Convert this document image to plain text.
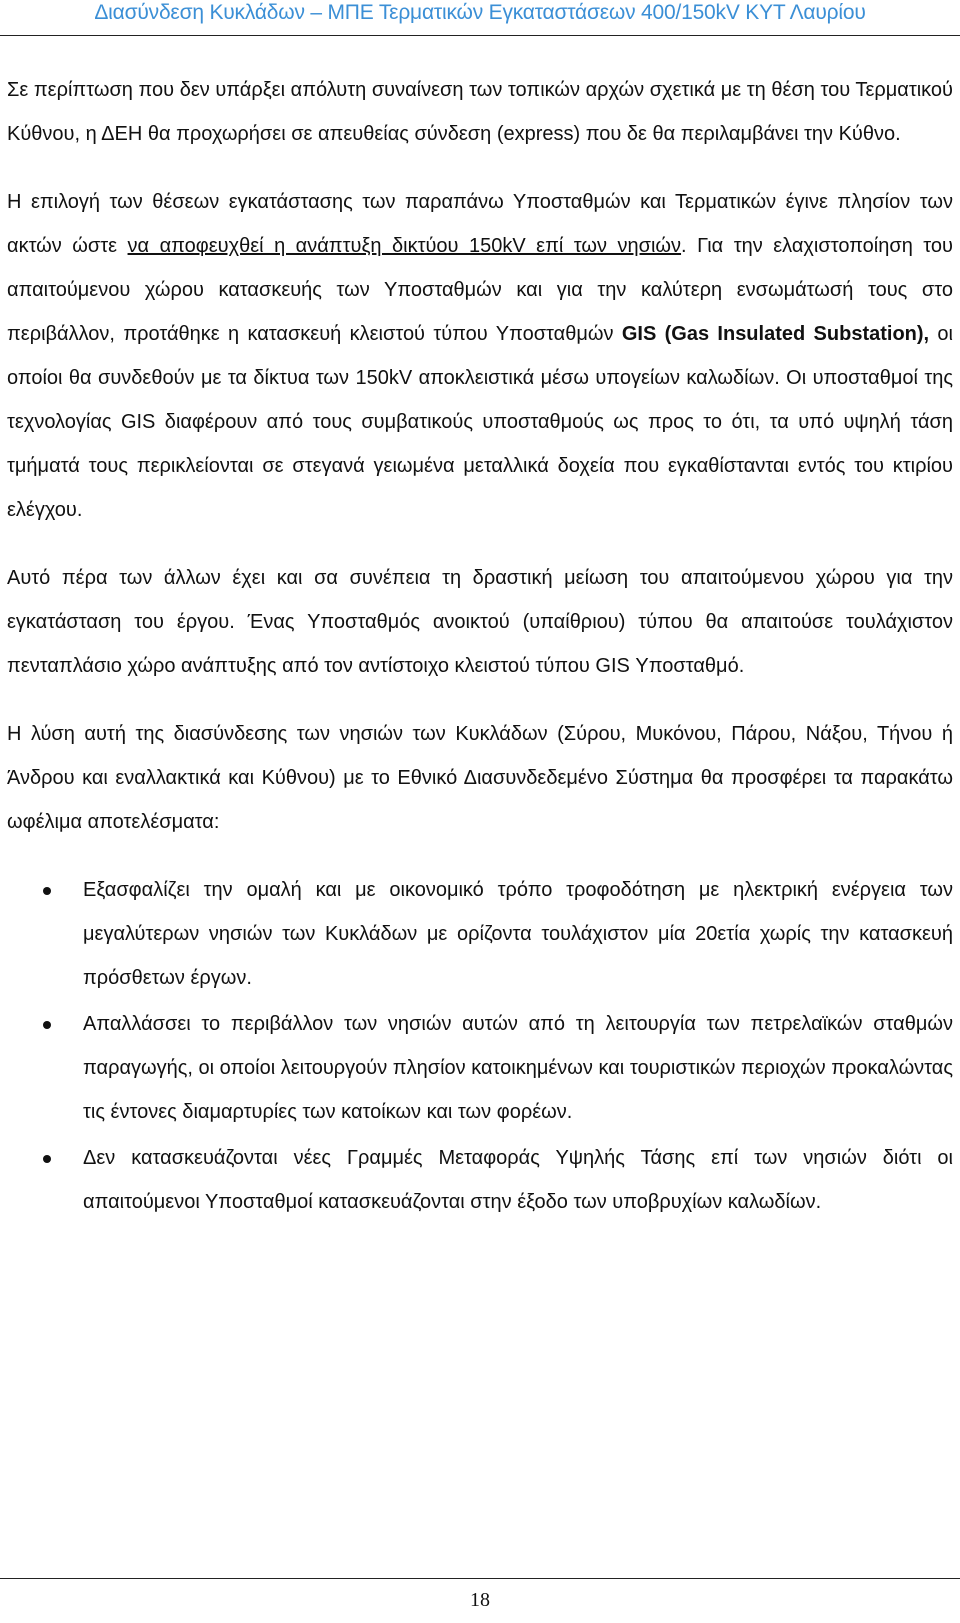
Διασύνδεση Κυκλάδων – ΜΠΕ Τερματικών Εγκαταστάσεων 400/150kV ΚΥΤ Λαυρίου

Σε περίπτωση που δεν υπάρξει απόλυτη συναίνεση των τοπικών αρχών σχετικά με τη θέση του Τερματικού Κύθνου, η ΔΕΗ θα προχωρήσει σε απευθείας σύνδεση (express) που δε θα περιλαμβάνει την Κύθνο.

Η επιλογή των θέσεων εγκατάστασης των παραπάνω Υποσταθμών και Τερματικών έγινε πλησίον των ακτών ώστε να αποφευχθεί η ανάπτυξη δικτύου 150kV επί των νησιών. Για την ελαχιστοποίηση του απαιτούμενου χώρου κατασκευής των Υποσταθμών και για την καλύτερη ενσωμάτωσή τους στο περιβάλλον, προτάθηκε η κατασκευή κλειστού τύπου Υποσταθμών GIS (Gas Insulated Substation), οι οποίοι θα συνδεθούν με τα δίκτυα των 150kV αποκλειστικά μέσω υπογείων καλωδίων. Οι υποσταθμοί της τεχνολογίας GIS διαφέρουν από τους συμβατικούς υποσταθμούς ως προς το ότι, τα υπό υψηλή τάση τμήματά τους περικλείονται σε στεγανά γειωμένα μεταλλικά δοχεία που εγκαθίστανται εντός του κτιρίου ελέγχου.

Αυτό πέρα των άλλων έχει και σα συνέπεια τη δραστική μείωση του απαιτούμενου χώρου για την εγκατάσταση του έργου. Ένας Υποσταθμός ανοικτού (υπαίθριου) τύπου θα απαιτούσε τουλάχιστον πενταπλάσιο χώρο ανάπτυξης από τον αντίστοιχο κλειστού τύπου GIS Υποσταθμό.

Η λύση αυτή της διασύνδεσης των νησιών των Κυκλάδων (Σύρου, Μυκόνου, Πάρου, Νάξου, Τήνου ή Άνδρου και εναλλακτικά και Κύθνου) με το Εθνικό Διασυνδεδεμένο Σύστημα θα προσφέρει τα παρακάτω ωφέλιμα αποτελέσματα:

Εξασφαλίζει την ομαλή και με οικονομικό τρόπο τροφοδότηση με ηλεκτρική ενέργεια των μεγαλύτερων νησιών των Κυκλάδων με ορίζοντα τουλάχιστον μία 20ετία χωρίς την κατασκευή πρόσθετων έργων.
Απαλλάσσει το περιβάλλον των νησιών αυτών από τη λειτουργία των πετρελαϊκών σταθμών παραγωγής, οι οποίοι λειτουργούν πλησίον κατοικημένων και τουριστικών περιοχών προκαλώντας τις έντονες διαμαρτυρίες των κατοίκων και των φορέων.
Δεν κατασκευάζονται νέες Γραμμές Μεταφοράς Υψηλής Τάσης επί των νησιών διότι οι απαιτούμενοι Υποσταθμοί κατασκευάζονται στην έξοδο των υποβρυχίων καλωδίων.
18
